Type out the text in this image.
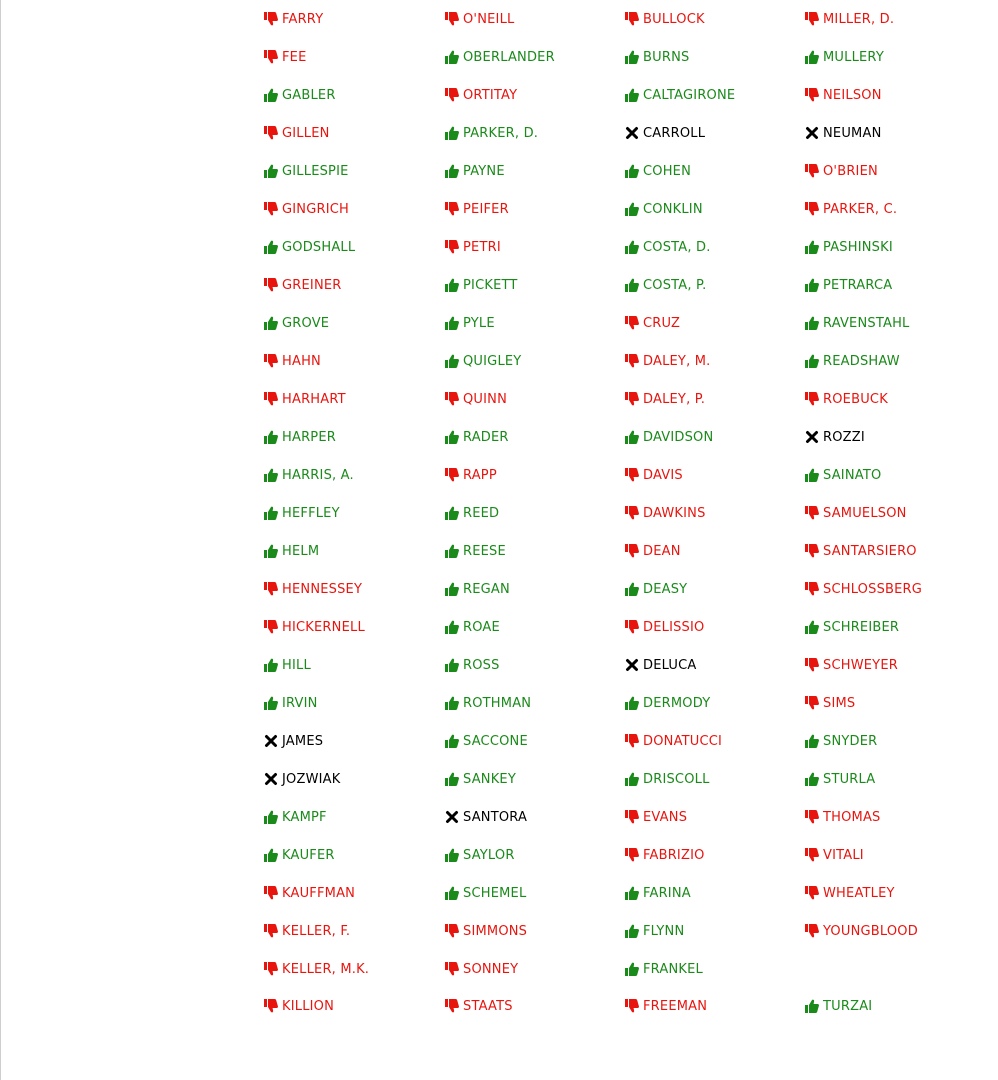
FARRY
FEE
GABLER
GILLEN
GILLESPIE
GINGRICH
GODSHALL
GREINER
GROVE
HAHN
HARHART
HARPER
HARRIS, A.
HEFFLEY
HELM
HENNESSEY
HICKERNELL
HILL
IRVIN
JAMES
JOZWIAK
KAMPF
KAUFER
KAUFFMAN
KELLER, F.
KELLER, M.K.
KILLION
O'NEILL
OBERLANDER
ORTITAY
PARKER, D.
PAYNE
PEIFER
PETRI
PICKETT
PYLE
QUIGLEY
QUINN
RADER
RAPP
REED
REESE
REGAN
ROAE
ROSS
ROTHMAN
SACCONE
SANKEY
SANTORA
SAYLOR
SCHEMEL
SIMMONS
SONNEY
STAATS
BULLOCK
BURNS
CALTAGIRONE
CARROLL
COHEN
CONKLIN
COSTA, D.
COSTA, P.
CRUZ
DALEY, M.
DALEY, P.
DAVIDSON
DAVIS
DAWKINS
DEAN
DEASY
DELISSIO
DELUCA
DERMODY
DONATUCCI
DRISCOLL
EVANS
FABRIZIO
FARINA
FLYNN
FRANKEL
FREEMAN
MILLER, D.
MULLERY
NEILSON
NEUMAN
O'BRIEN
PARKER, C.
PASHINSKI
PETRARCA
RAVENSTAHL
READSHAW
ROEBUCK
ROZZI
SAINATO
SAMUELSON
SANTARSIERO
SCHLOSSBERG
SCHREIBER
SCHWEYER
SIMS
SNYDER
STURLA
THOMAS
VITALI
WHEATLEY
YOUNGBLOOD
TURZAI
